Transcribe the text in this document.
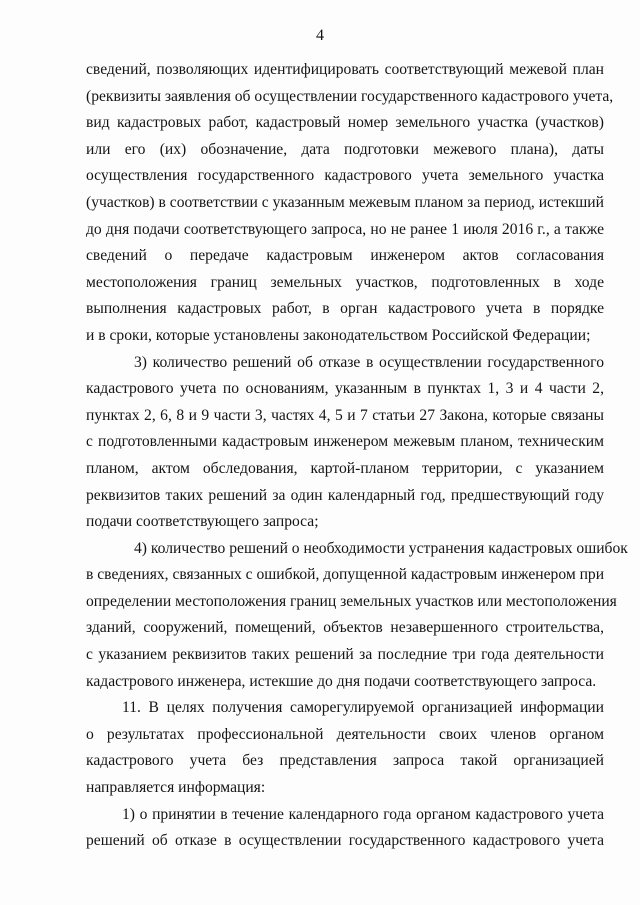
4
сведений, позволяющих идентифицировать соответствующий межевой план
(реквизиты заявления об осуществлении государственного кадастрового учета,
вид кадастровых работ, кадастровый номер земельного участка (участков)
или его (их) обозначение, дата подготовки межевого плана), даты
осуществления государственного кадастрового учета земельного участка
(участков) в соответствии с указанным межевым планом за период, истекший
до дня подачи соответствующего запроса, но не ранее 1 июля 2016 г., а также
сведений о передаче кадастровым инженером актов согласования
местоположения границ земельных участков, подготовленных в ходе
выполнения кадастровых работ, в орган кадастрового учета в порядке
и в сроки, которые установлены законодательством Российской Федерации;
3) количество решений об отказе в осуществлении государственного
кадастрового учета по основаниям, указанным в пунктах 1, 3 и 4 части 2,
пунктах 2, 6, 8 и 9 части 3, частях 4, 5 и 7 статьи 27 Закона, которые связаны
с подготовленными кадастровым инженером межевым планом, техническим
планом, актом обследования, картой-планом территории, с указанием
реквизитов таких решений за один календарный год, предшествующий году
подачи соответствующего запроса;
4) количество решений о необходимости устранения кадастровых ошибок
в сведениях, связанных с ошибкой, допущенной кадастровым инженером при
определении местоположения границ земельных участков или местоположения
зданий, сооружений, помещений, объектов незавершенного строительства,
с указанием реквизитов таких решений за последние три года деятельности
кадастрового инженера, истекшие до дня подачи соответствующего запроса.
11. В целях получения саморегулируемой организацией информации
о результатах профессиональной деятельности своих членов органом
кадастрового учета без представления запроса такой организацией
направляется информация:
1) о принятии в течение календарного года органом кадастрового учета
решений об отказе в осуществлении государственного кадастрового учета
